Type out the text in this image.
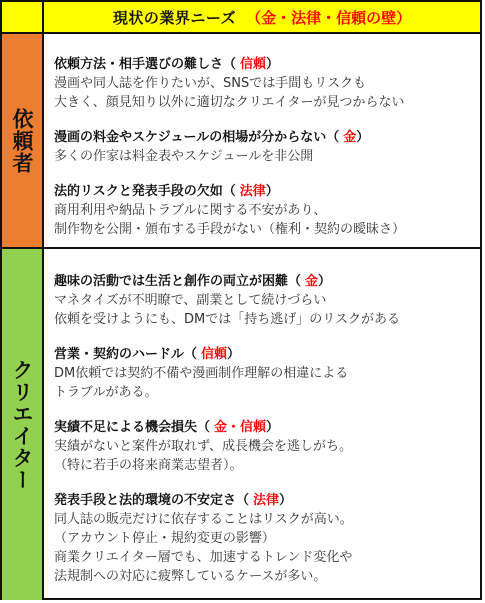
現状の業界ニーズ （金・法律・信頼の壁）
依頼者
依頼方法・相手選びの難しさ（ 信頼）
漫画や同人誌を作りたいが、SNSでは手間もリスクも
大きく、顔見知り以外に適切なクリエイターが見つからない
漫画の料金やスケジュールの相場が分からない（ 金）
多くの作家は料金表やスケジュールを非公開
法的リスクと発表手段の欠如（ 法律）
商用利用や納品トラブルに関する不安があり、
制作物を公開・頒布する手段がない（権利・契約の曖昧さ）
クリエイター
趣味の活動では生活と創作の両立が困難（ 金）
マネタイズが不明瞭で、副業として続けづらい
依頼を受けようにも、DMでは「持ち逃げ」のリスクがある
営業・契約のハードル（ 信頼）
DM依頼では契約不備や漫画制作理解の相違による
トラブルがある。
実績不足による機会損失（ 金・信頼）
実績がないと案件が取れず、成長機会を逃しがち。
（特に若手の将来商業志望者）。
発表手段と法的環境の不安定さ（ 法律）
同人誌の販売だけに依存することはリスクが高い。
（アカウント停止・規約変更の影響）
商業クリエイター層でも、加速するトレンド変化や
法規制への対応に疲弊しているケースが多い。
